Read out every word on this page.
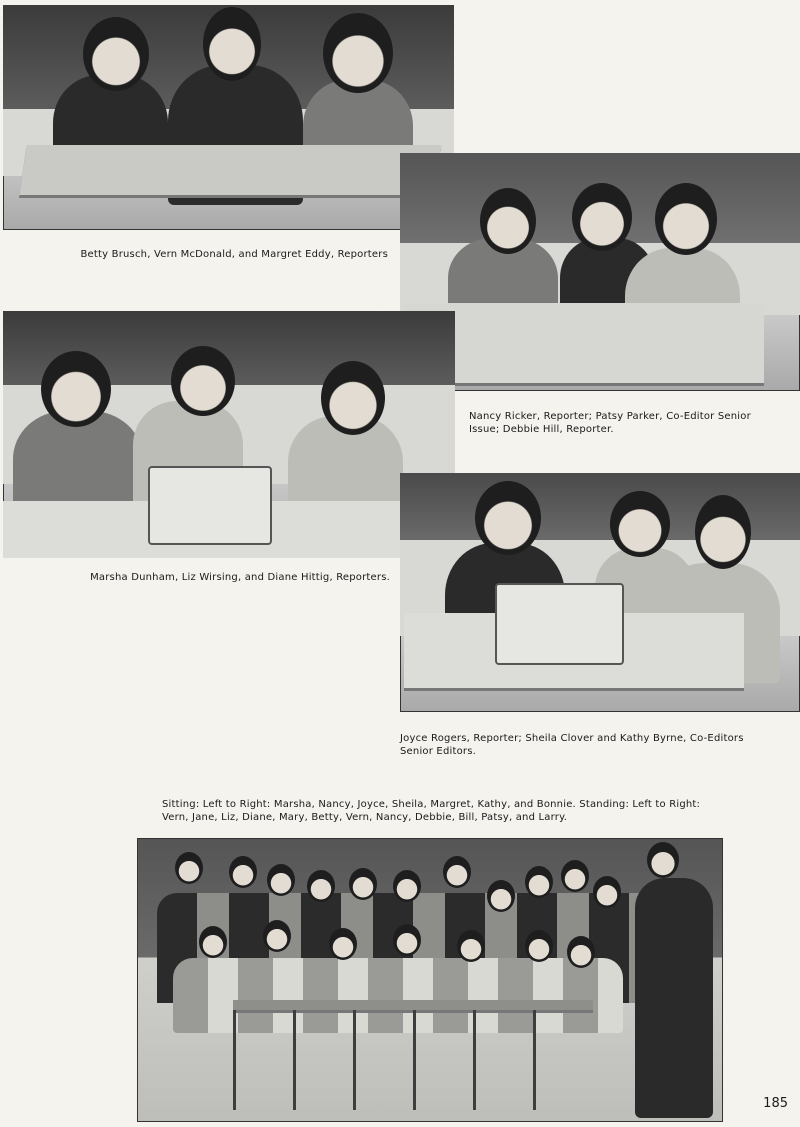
Betty Brusch, Vern McDonald, and Margret Eddy, Reporters
Nancy Ricker, Reporter; Patsy Parker, Co-Editor Senior Issue; Debbie Hill, Reporter.
Marsha Dunham, Liz Wirsing, and Diane Hittig, Reporters.
Joyce Rogers, Reporter; Sheila Clover and Kathy Byrne, Co-Editors Senior Editors.
Sitting: Left to Right: Marsha, Nancy, Joyce, Sheila, Margret, Kathy, and Bonnie. Standing: Left to Right: Vern, Jane, Liz, Diane, Mary, Betty, Vern, Nancy, Debbie, Bill, Patsy, and Larry.
185
